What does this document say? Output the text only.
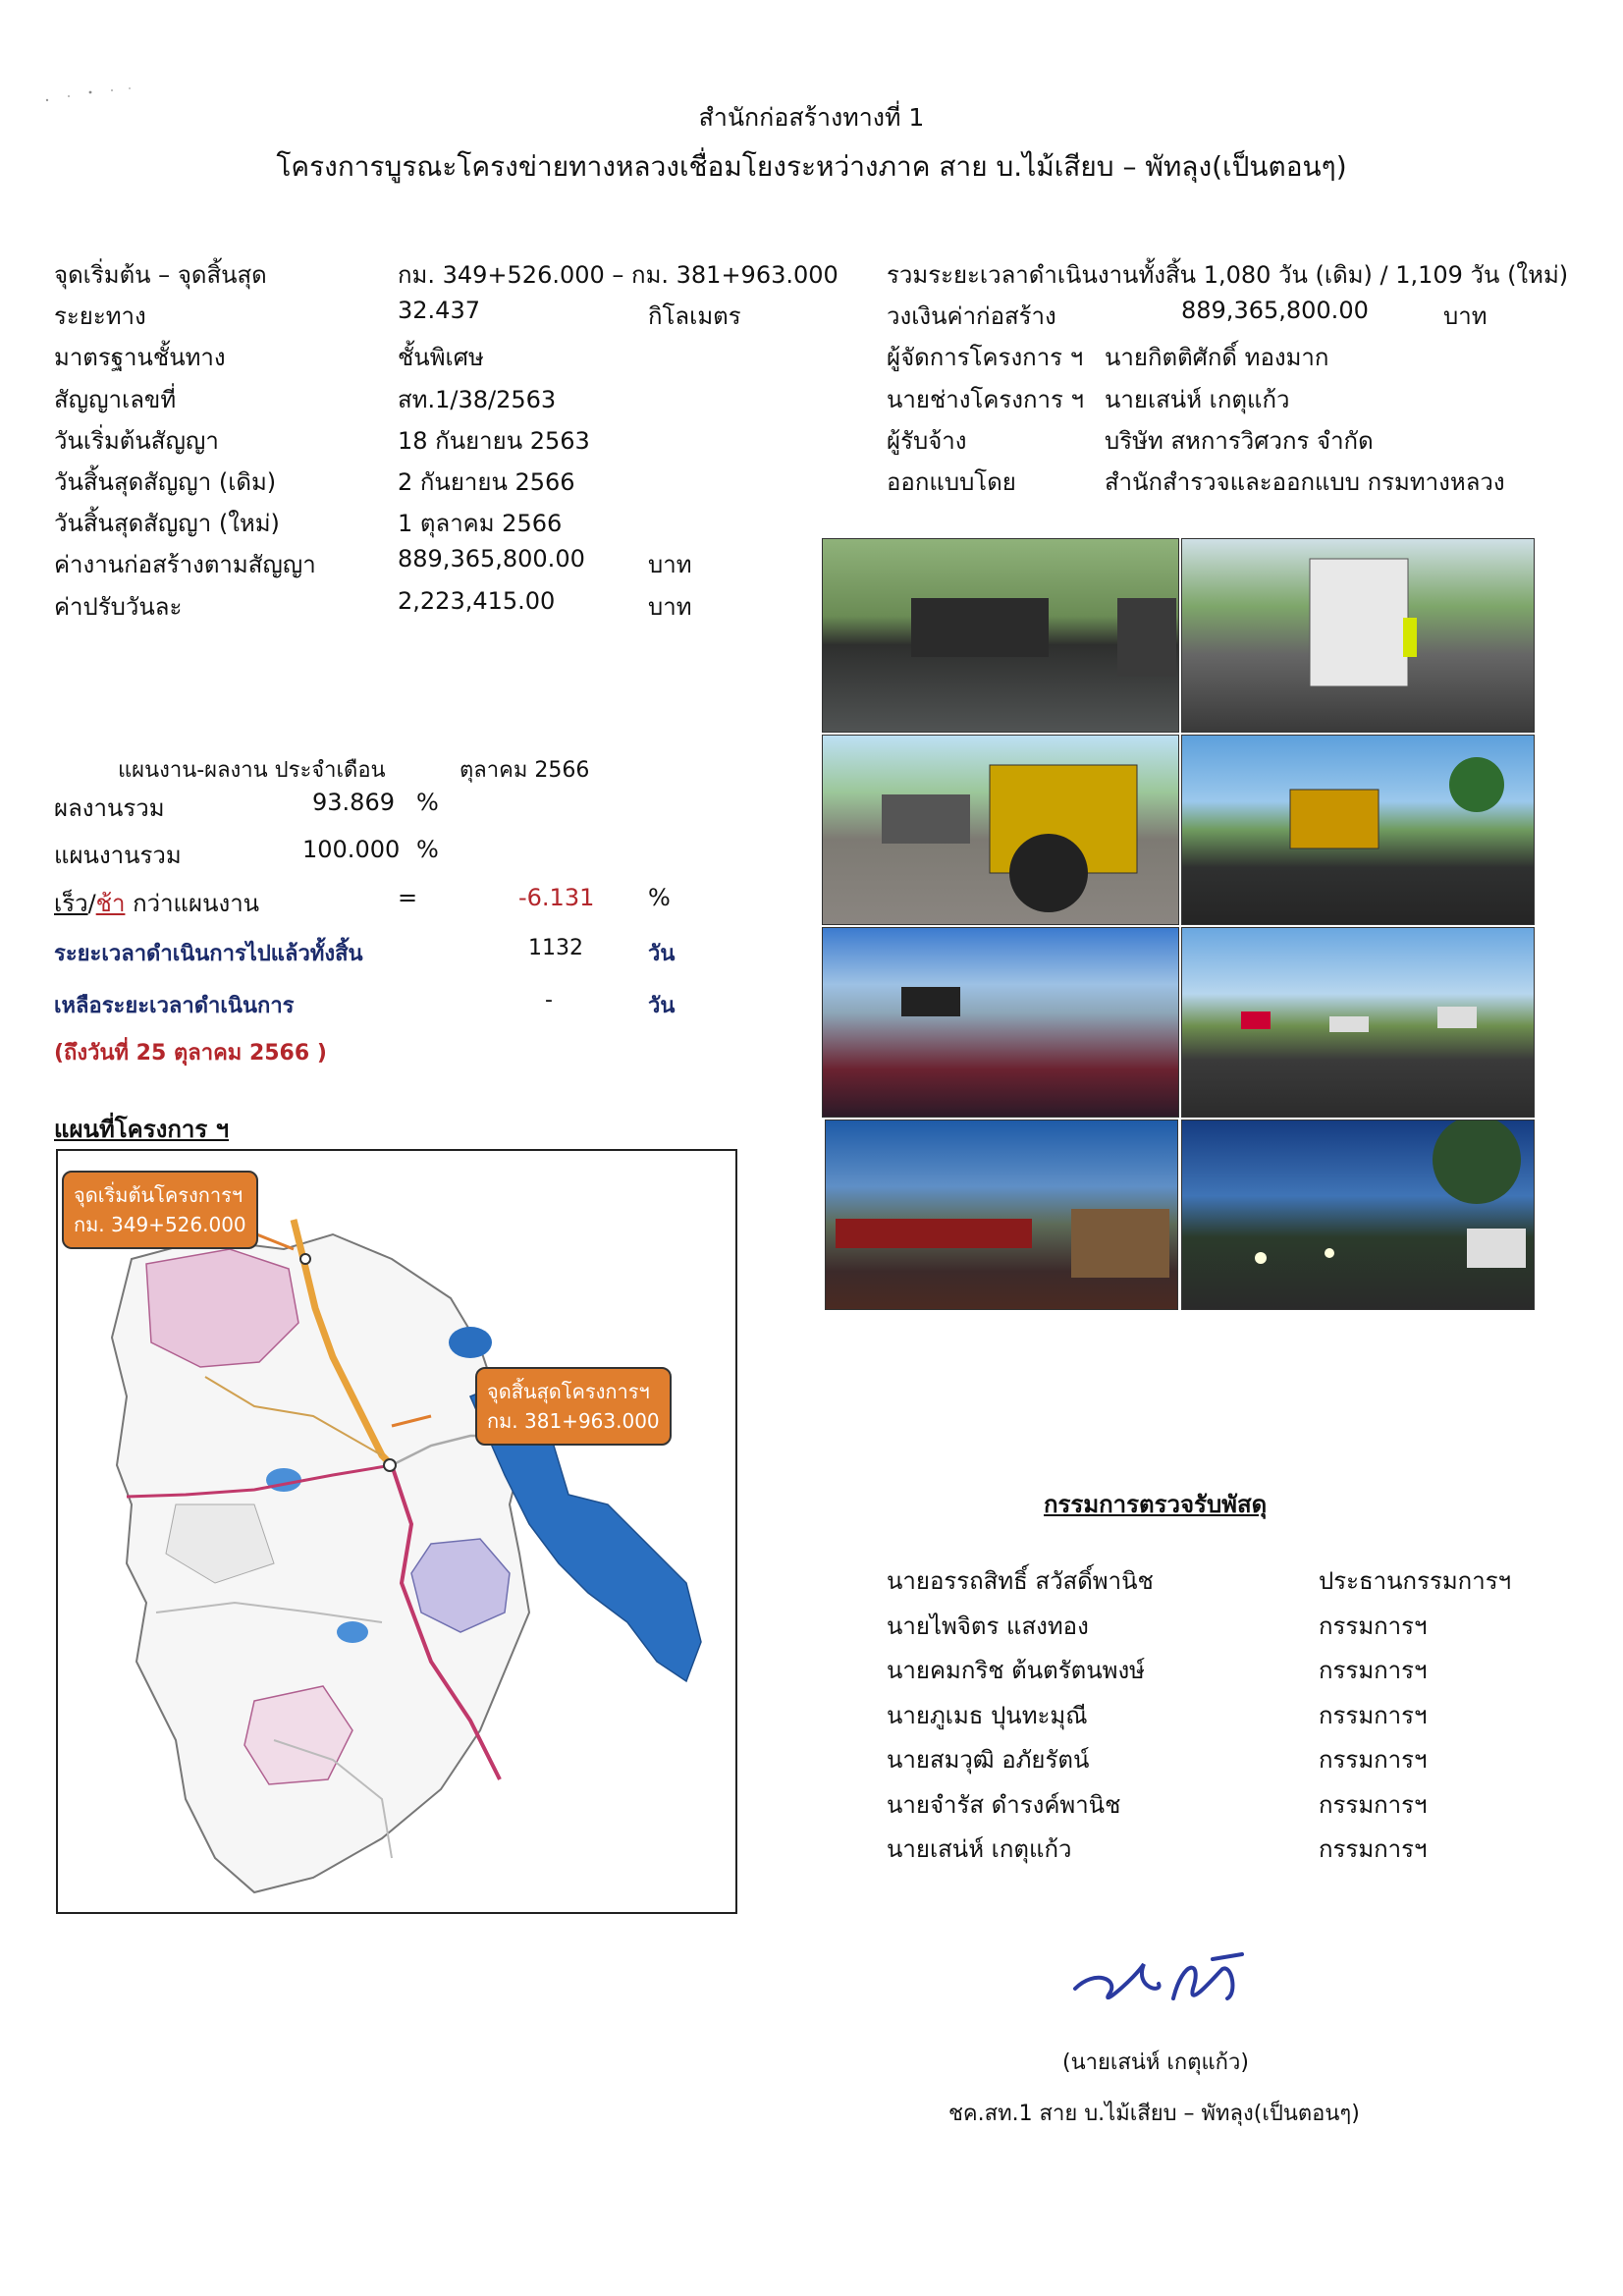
สำนักก่อสร้างทางที่ 1
โครงการบูรณะโครงข่ายทางหลวงเชื่อมโยงระหว่างภาค สาย บ.ไม้เสียบ – พัทลุง(เป็นตอนๆ)
จุดเริ่มต้น – จุดสิ้นสุด	กม. 349+526.000 – กม. 381+963.000
ระยะทาง	32.437	กิโลเมตร
มาตรฐานชั้นทาง	ชั้นพิเศษ
สัญญาเลขที่	สท.1/38/2563
วันเริ่มต้นสัญญา	18 กันยายน 2563
วันสิ้นสุดสัญญา (เดิม)	2 กันยายน 2566
วันสิ้นสุดสัญญา (ใหม่)	1 ตุลาคม 2566
ค่างานก่อสร้างตามสัญญา	889,365,800.00	บาท
ค่าปรับวันละ	2,223,415.00	บาท
รวมระยะเวลาดำเนินงานทั้งสิ้น 1,080 วัน (เดิม) / 1,109 วัน (ใหม่)
วงเงินค่าก่อสร้าง	889,365,800.00	บาท
ผู้จัดการโครงการ ฯ นายกิตติศักดิ์ ทองมาก
นายช่างโครงการ ฯ นายเสน่ห์ เกตุแก้ว
ผู้รับจ้าง	บริษัท สหการวิศวกร จำกัด
ออกแบบโดย	สำนักสำรวจและออกแบบ กรมทางหลวง
แผนงาน-ผลงาน ประจำเดือน	ตุลาคม 2566
ผลงานรวม	93.869 %
แผนงานรวม	100.000 %
เร็ว/ช้า กว่าแผนงาน	=	-6.131 %
ระยะเวลาดำเนินการไปแล้วทั้งสิ้น	1132	วัน
เหลือระยะเวลาดำเนินการ	-	วัน
(ถึงวันที่ 25 ตุลาคม 2566 )
แผนที่โครงการ ฯ
จุดเริ่มต้นโครงการฯ
กม. 349+526.000
จุดสิ้นสุดโครงการฯ
กม. 381+963.000
กรรมการตรวจรับพัสดุ
นายอรรถสิทธิ์ สวัสดิ์พานิช	ประธานกรรมการฯ
นายไพจิตร แสงทอง	กรรมการฯ
นายคมกริช ต้นตรัตนพงษ์	กรรมการฯ
นายภูเมธ ปุนทะมุณี	กรรมการฯ
นายสมวุฒิ อภัยรัตน์	กรรมการฯ
นายจำรัส ดำรงค์พานิช	กรรมการฯ
นายเสน่ห์ เกตุแก้ว	กรรมการฯ
(นายเสน่ห์ เกตุแก้ว)
ชค.สท.1 สาย บ.ไม้เสียบ – พัทลุง(เป็นตอนๆ)
